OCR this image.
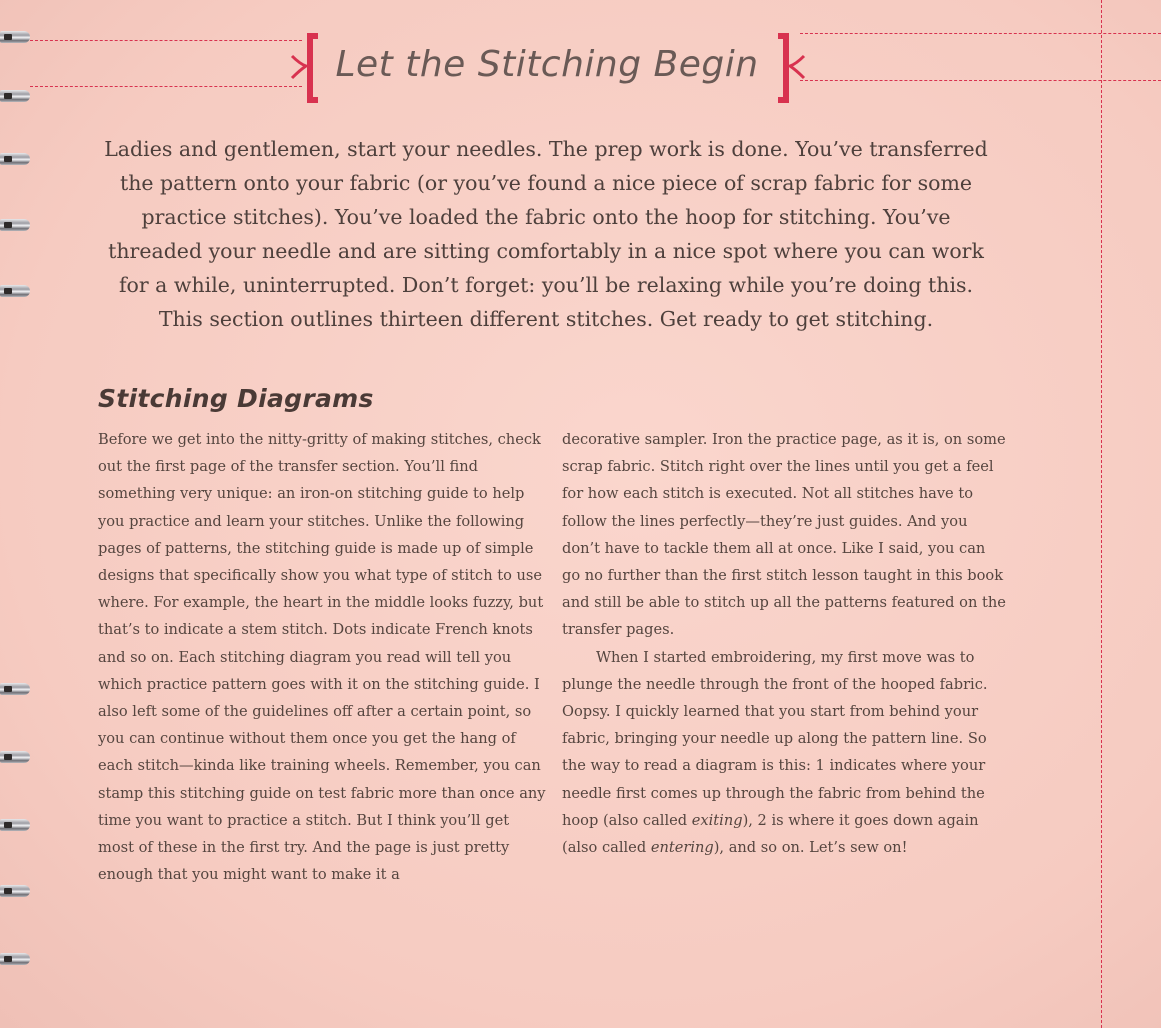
Let the Stitching Begin

Ladies and gentlemen, start your needles. The prep work is done. You’ve transferred the pattern onto your fabric (or you’ve found a nice piece of scrap fabric for some practice stitches). You’ve loaded the fabric onto the hoop for stitching. You’ve threaded your needle and are sitting comfortably in a nice spot where you can work for a while, uninterrupted. Don’t forget: you’ll be relaxing while you’re doing this. This section outlines thirteen different stitches. Get ready to get stitching.

Stitching Diagrams

Before we get into the nitty-gritty of making stitches, check out the first page of the transfer section. You’ll find something very unique: an iron-on stitching guide to help you practice and learn your stitches. Unlike the following pages of patterns, the stitching guide is made up of simple designs that specifically show you what type of stitch to use where. For example, the heart in the middle looks fuzzy, but that’s to indicate a stem stitch. Dots indicate French knots and so on. Each stitching diagram you read will tell you which practice pattern goes with it on the stitching guide. I also left some of the guidelines off after a certain point, so you can continue without them once you get the hang of each stitch—kinda like training wheels. Remember, you can stamp this stitching guide on test fabric more than once any time you want to practice a stitch. But I think you’ll get most of these in the first try. And the page is just pretty enough that you might want to make it a

decorative sampler. Iron the practice page, as it is, on some scrap fabric. Stitch right over the lines until you get a feel for how each stitch is executed. Not all stitches have to follow the lines perfectly—they’re just guides. And you don’t have to tackle them all at once. Like I said, you can go no further than the first stitch lesson taught in this book and still be able to stitch up all the patterns featured on the transfer pages.

When I started embroidering, my first move was to plunge the needle through the front of the hooped fabric. Oopsy. I quickly learned that you start from behind your fabric, bringing your needle up along the pattern line. So the way to read a diagram is this: 1 indicates where your needle first comes up through the fabric from behind the hoop (also called exiting), 2 is where it goes down again (also called entering), and so on. Let’s sew on!
